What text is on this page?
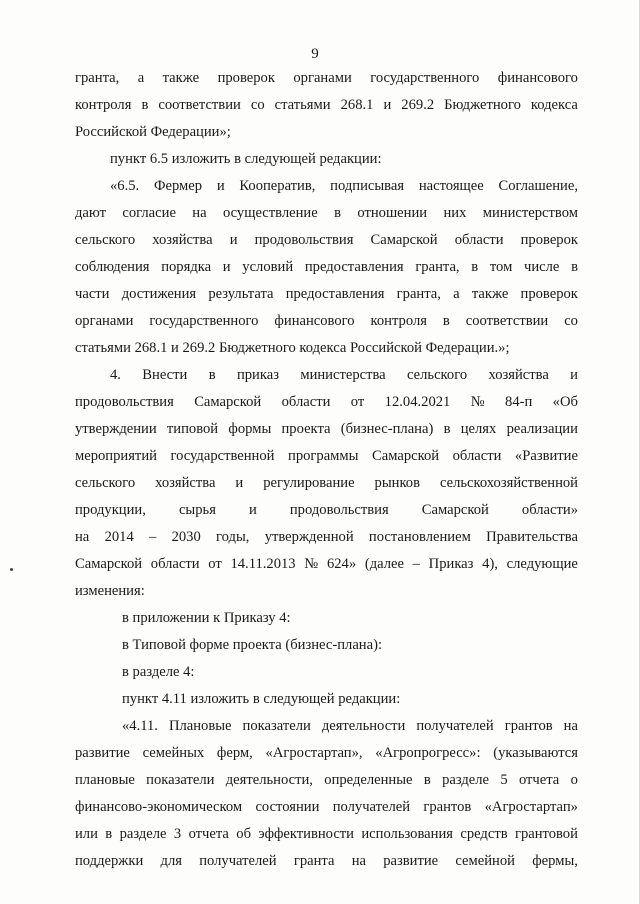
9
гранта, а также проверок органами государственного финансового
контроля в соответствии со статьями 268.1 и 269.2 Бюджетного кодекса
Российской Федерации»;
пункт 6.5 изложить в следующей редакции:
«6.5. Фермер и Кооператив, подписывая настоящее Соглашение,
дают согласие на осуществление в отношении них министерством
сельского хозяйства и продовольствия Самарской области проверок
соблюдения порядка и условий предоставления гранта, в том числе в
части достижения результата предоставления гранта, а также проверок
органами государственного финансового контроля в соответствии со
статьями 268.1 и 269.2 Бюджетного кодекса Российской Федерации.»;
4. Внести в приказ министерства сельского хозяйства и
продовольствия Самарской области от 12.04.2021 № 84-п «Об
утверждении типовой формы проекта (бизнес-плана) в целях реализации
мероприятий государственной программы Самарской области «Развитие
сельского хозяйства и регулирование рынков сельскохозяйственной
продукции, сырья и продовольствия Самарской области»
на 2014 – 2030 годы, утвержденной постановлением Правительства
Самарской области от 14.11.2013 № 624» (далее – Приказ 4), следующие
изменения:
в приложении к Приказу 4:
в Типовой форме проекта (бизнес-плана):
в разделе 4:
пункт 4.11 изложить в следующей редакции:
«4.11. Плановые показатели деятельности получателей грантов на
развитие семейных ферм, «Агростартап», «Агропрогресс»: (указываются
плановые показатели деятельности, определенные в разделе 5 отчета о
финансово-экономическом состоянии получателей грантов «Агростартап»
или в разделе 3 отчета об эффективности использования средств грантовой
поддержки для получателей гранта на развитие семейной фермы,
